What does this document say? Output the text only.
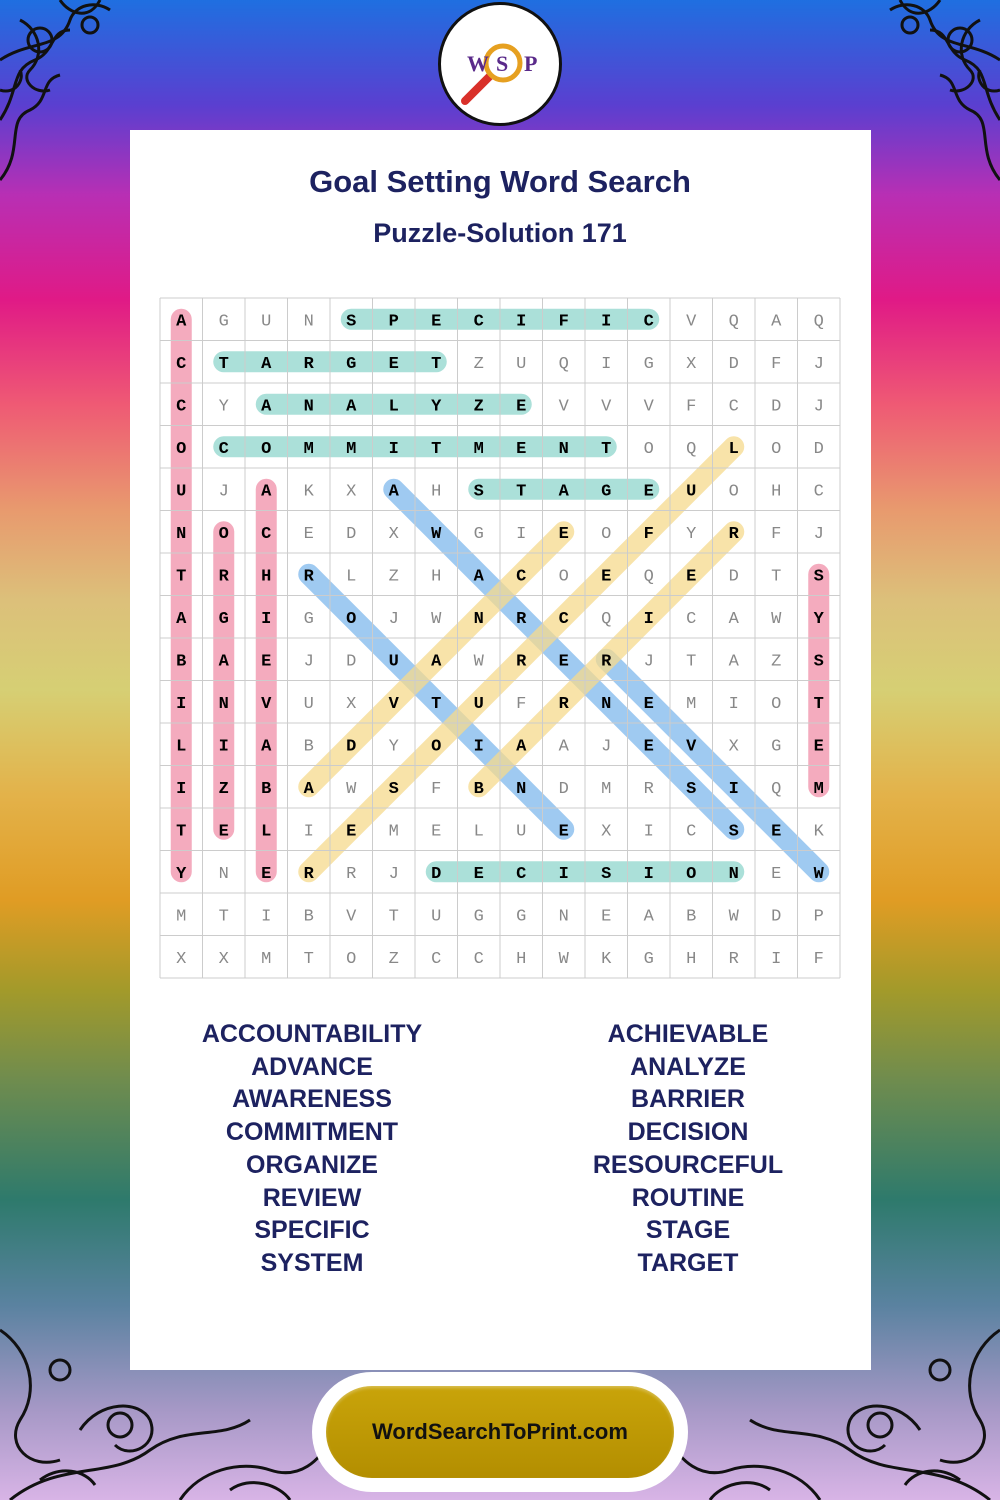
W S P
Goal Setting Word Search
Puzzle-Solution 171
A G U N S P E C I F I C V Q A Q
C T A R G E T Z U Q I G X D F J
C Y A N A L Y Z E V V V F C D J
O C O M M I T M E N T O Q L O D
U J A K X A H S T A G E U O H C
N O C E D X W G I E O F Y R F J
T R H R L Z H A C O E Q E D T S
A G I G O J W N R C Q I C A W Y
B A E J D U A W R E R J T A Z S
I N V U X V T U F R N E M I O T
L I A B D Y O I A A J E V X G E
I Z B A W S F B N D M R S I Q M
T E L I E M E L U E X I C S E K
Y N E R R J D E C I S I O N E W
M T I B V T U G G N E A B W D P
X X M T O Z C C H W K G H R I F
ACCOUNTABILITY
ADVANCE
AWARENESS
COMMITMENT
ORGANIZE
REVIEW
SPECIFIC
SYSTEM
ACHIEVABLE
ANALYZE
BARRIER
DECISION
RESOURCEFUL
ROUTINE
STAGE
TARGET
WordSearchToPrint.com
